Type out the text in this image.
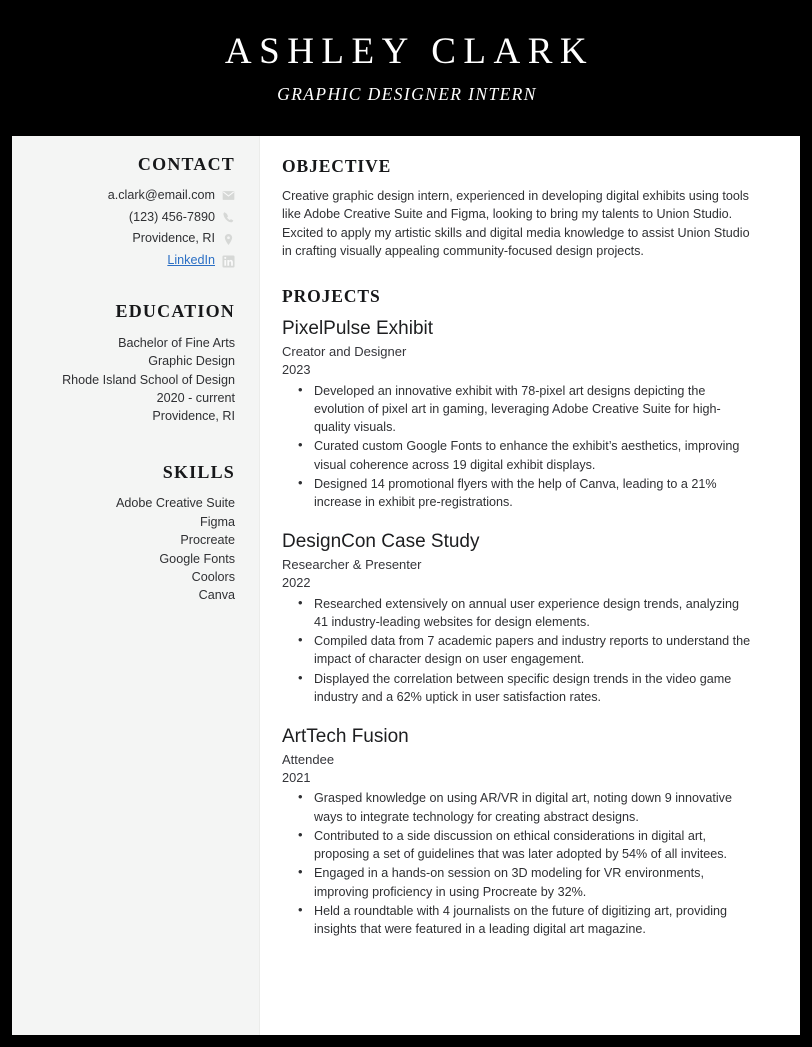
ASHLEY CLARK
GRAPHIC DESIGNER INTERN
CONTACT
a.clark@email.com
(123) 456-7890
Providence, RI
LinkedIn
EDUCATION
Bachelor of Fine Arts
Graphic Design
Rhode Island School of Design
2020 - current
Providence, RI
SKILLS
Adobe Creative Suite
Figma
Procreate
Google Fonts
Coolors
Canva
OBJECTIVE

Creative graphic design intern, experienced in developing digital exhibits using tools like Adobe Creative Suite and Figma, looking to bring my talents to Union Studio. Excited to apply my artistic skills and digital media knowledge to assist Union Studio in crafting visually appealing community-focused design projects.

PROJECTS
PixelPulse Exhibit
Creator and Designer
2023
• Developed an innovative exhibit with 78-pixel art designs depicting the evolution of pixel art in gaming, leveraging Adobe Creative Suite for high-quality visuals.
• Curated custom Google Fonts to enhance the exhibit’s aesthetics, improving visual coherence across 19 digital exhibit displays.
• Designed 14 promotional flyers with the help of Canva, leading to a 21% increase in exhibit pre-registrations.
DesignCon Case Study
Researcher & Presenter
2022
• Researched extensively on annual user experience design trends, analyzing 41 industry-leading websites for design elements.
• Compiled data from 7 academic papers and industry reports to understand the impact of character design on user engagement.
• Displayed the correlation between specific design trends in the video game industry and a 62% uptick in user satisfaction rates.
ArtTech Fusion
Attendee
2021
• Grasped knowledge on using AR/VR in digital art, noting down 9 innovative ways to integrate technology for creating abstract designs.
• Contributed to a side discussion on ethical considerations in digital art, proposing a set of guidelines that was later adopted by 54% of all invitees.
• Engaged in a hands-on session on 3D modeling for VR environments, improving proficiency in using Procreate by 32%.
• Held a roundtable with 4 journalists on the future of digitizing art, providing insights that were featured in a leading digital art magazine.
